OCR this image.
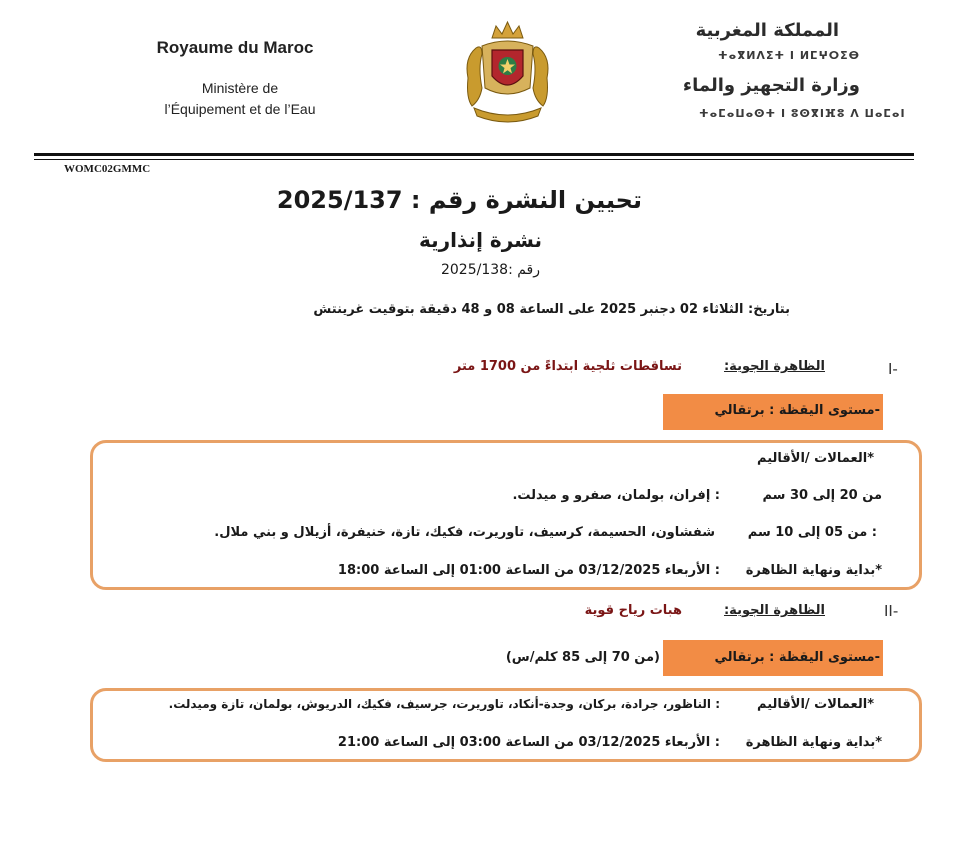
Royaume du Maroc
Ministère de
l’Équipement et de l’Eau
المملكة المغربية
ⵜⴰⴳⵍⴷⵉⵜ ⵏ ⵍⵎⵖⵔⵉⴱ
وزارة التجهيز والماء
ⵜⴰⵎⴰⵡⴰⵙⵜ ⵏ ⵓⵙⴳⵏⴼⵓ ⴷ ⵡⴰⵎⴰⵏ
WOMC02GMMC
تحيين النشرة رقم : 2025/137
نشرة إنذارية
رقم :2025/138
بتاريخ: الثلاثاء 02 دجنبر 2025 على الساعة 08 و 48 دقيقة بتوقيت غرينتش
I-
الظاهرة الجوية:
تساقطات ثلجية ابتداءً من 1700 متر
-مستوى اليقظة : برتقالي
*العمالات /الأقاليم
من 20 إلى 30 سم
: إفران، بولمان، صفرو و ميدلت.
: من 05 إلى 10 سم
شفشاون، الحسيمة، كرسيف، تاوريرت، فكيك، تازة، خنيفرة، أزيلال و بني ملال.
*بداية ونهاية الظاهرة
: الأربعاء 03/12/2025 من الساعة 01:00 إلى الساعة 18:00
II-
الظاهرة الجوية:
هبات رياح قوية
-مستوى اليقظة : برتقالي
(من 70 إلى 85 كلم/س)
*العمالات /الأقاليم
: الناظور، جرادة، بركان، وجدة-أنكاد، تاوريرت، جرسيف، فكيك، الدريوش، بولمان، تازة وميدلت.
*بداية ونهاية الظاهرة
: الأربعاء 03/12/2025 من الساعة 03:00 إلى الساعة 21:00
